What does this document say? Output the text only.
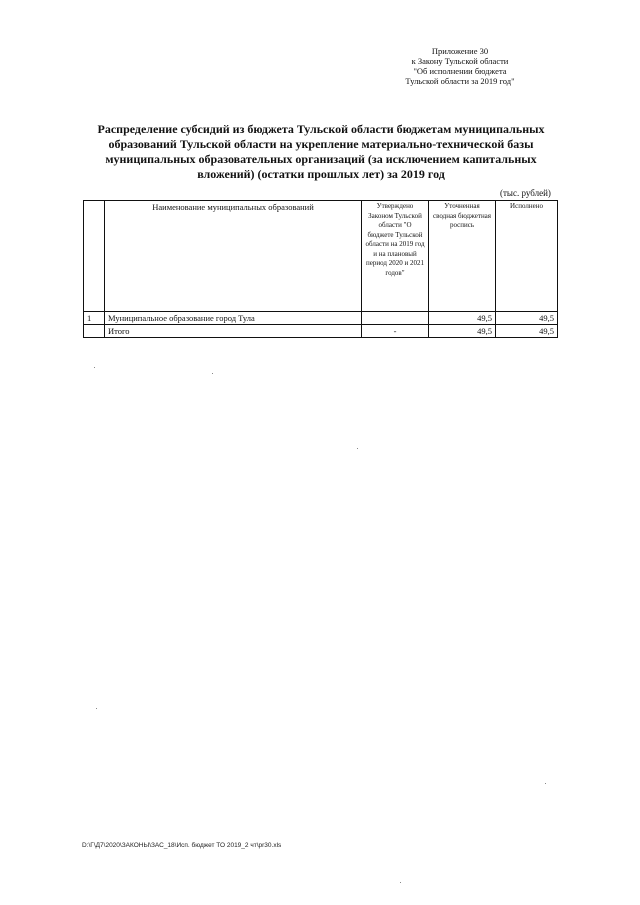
Приложение 30
к Закону Тульской области
"Об исполнении бюджета
Тульской области за 2019 год"
Распределение субсидий из бюджета Тульской области бюджетам муниципальных образований Тульской области на укрепление материально-технической базы муниципальных образовательных организаций (за исключением капитальных вложений) (остатки прошлых лет) за 2019 год
(тыс. рублей)
	Наименование муниципальных образований	Утверждено Законом Тульской области "О бюджете Тульской области на 2019 год и на плановый период 2020 и 2021 годов"	Уточненная сводная бюджетная роспись	Исполнено
1	Муниципальное образование город Тула		49,5	49,5
	Итого	-	49,5	49,5
D:\Г\Д7\2020\ЗАКОНЫ\ЗАС_18\Исп. бюджет ТО 2019_2 чт\pr30.xls
